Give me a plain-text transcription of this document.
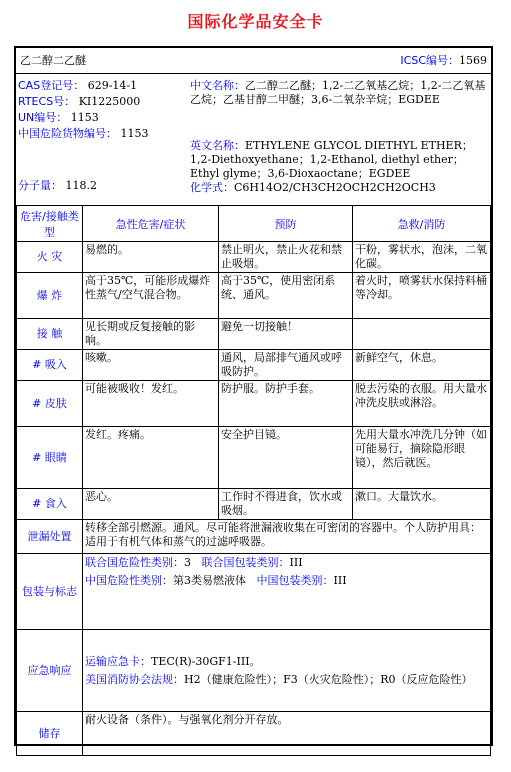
国际化学品安全卡
乙二醇二乙醚	ICSC编号：1569
CAS登记号： 629-14-1
RTECS号： KI1225000
UN编号： 1153
中国危险货物编号： 1153
分子量： 118.2
中文名称：乙二醇二乙醚；1,2-二乙氧基乙烷；1,2-二乙氧基乙烷；乙基甘醇二甲醚；3,6-二氧杂辛烷；EGDEE
英文名称：ETHYLENE GLYCOL DIETHYL ETHER；1,2-Diethoxyethane；1,2-Ethanol, diethyl ether；Ethyl glyme；3,6-Dioxaoctane；EGDEE
化学式：C6H14O2/CH3CH2OCH2CH2OCH3
危害/接触类型	急性危害/症状	预防	急救/消防
火 灾	易燃的。	禁止明火，禁止火花和禁止吸烟。	干粉，雾状水，泡沫，二氧化碳。
爆 炸	高于35℃，可能形成爆炸性蒸气/空气混合物。	高于35℃，使用密闭系统、通风。	着火时，喷雾状水保持料桶等冷却。
接 触	见长期或反复接触的影响。	避免一切接触！	
# 吸入	咳嗽。	通风，局部排气通风或呼吸防护。	新鲜空气，休息。
# 皮肤	可能被吸收！发红。	防护服。防护手套。	脱去污染的衣服。用大量水冲洗皮肤或淋浴。
# 眼睛	发红。疼痛。	安全护目镜。	先用大量水冲洗几分钟（如可能易行，摘除隐形眼镜），然后就医。
# 食入	恶心。	工作时不得进食，饮水或吸烟。	漱口。大量饮水。
泄漏处置	转移全部引燃源。通风。尽可能将泄漏液收集在可密闭的容器中。个人防护用具：适用于有机气体和蒸气的过滤呼吸器。		
包装与标志	联合国危险性类别：3 联合国包装类别：III
中国危险性类别：第3类易燃液体 中国包装类别：III		

应急响应	运输应急卡：TEC(R)-30GF1-III。
美国消防协会法规：H2（健康危险性）；F3（火灾危险性）；R0（反应危险性）		

储存	耐火设备（条件）。与强氧化剂分开存放。		
